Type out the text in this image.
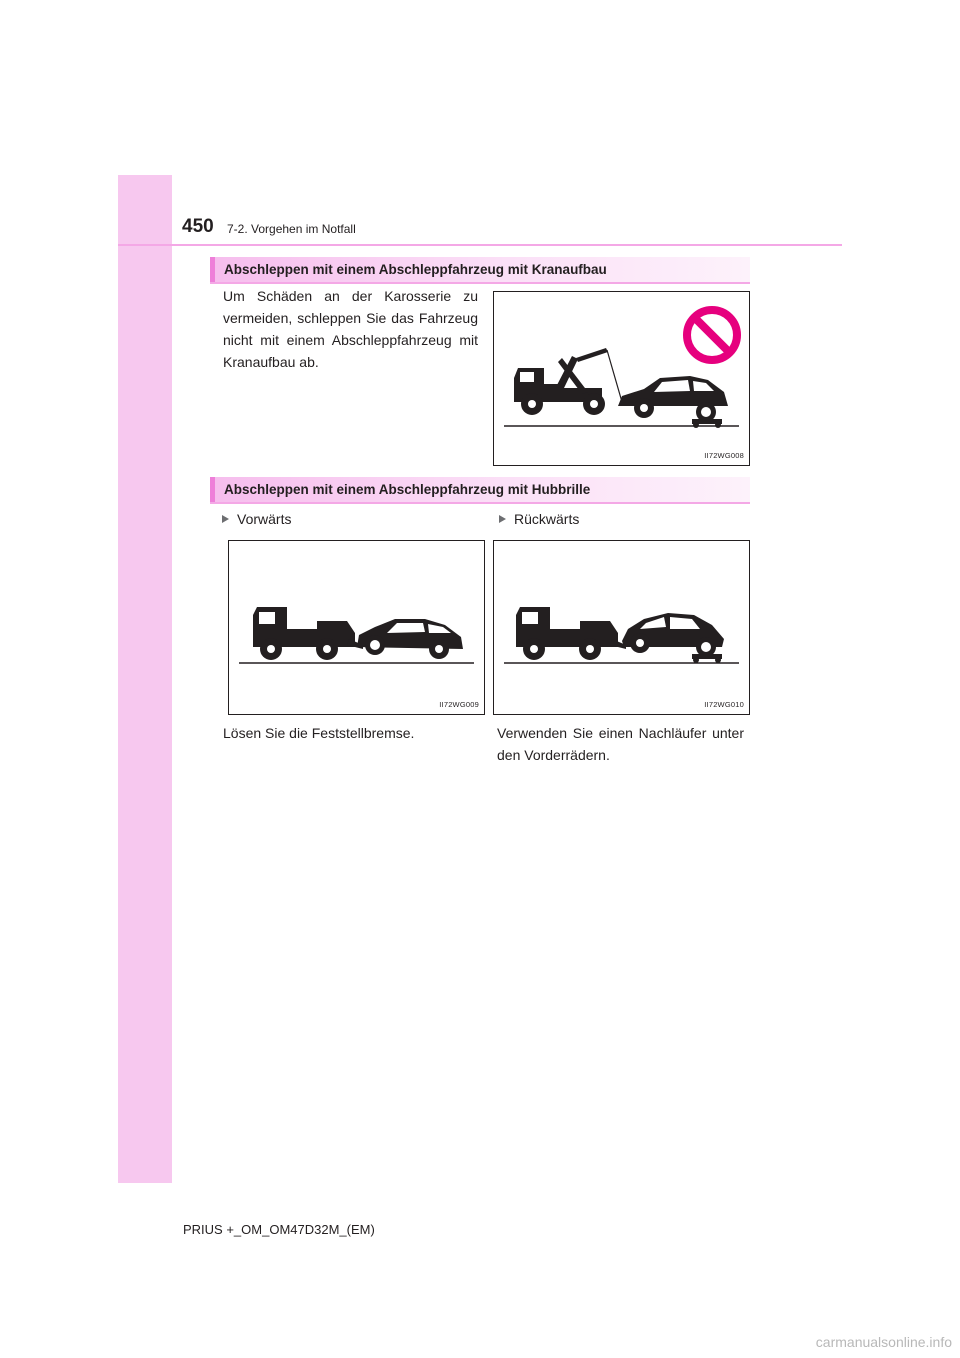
450 7-2. Vorgehen im Notfall
Abschleppen mit einem Abschleppfahrzeug mit Kranaufbau

Um Schäden an der Karosserie zu vermeiden, schleppen Sie das Fahrzeug nicht mit einem Abschleppfahrzeug mit Kranaufbau ab.

II72WG008
Abschleppen mit einem Abschleppfahrzeug mit Hubbrille
Vorwärts	Rückwärts
II72WG009	II72WG010

Lösen Sie die Feststellbremse.	Verwenden Sie einen Nachläufer unter den Vorderrädern.

PRIUS +_OM_OM47D32M_(EM)
carmanualsonline.info
